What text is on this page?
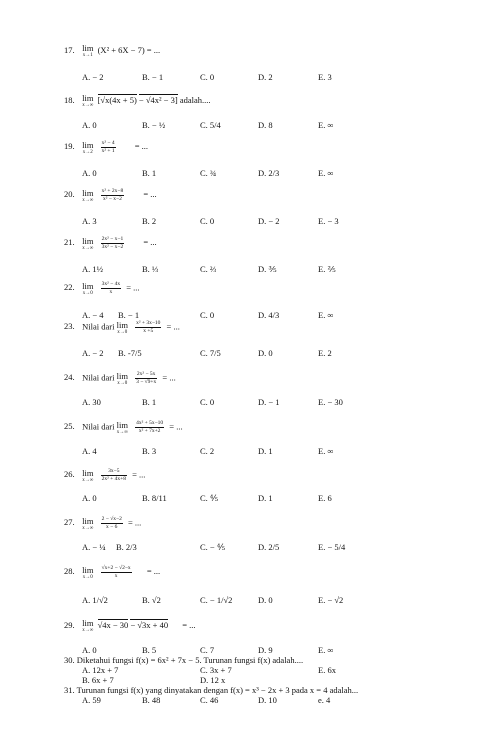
17. lim
x→1
(X² + 6X − 7) = ...
A. − 2	B. − 1	C. 0	D. 2	E. 3
18. lim
x→∞
[√x(4x + 5) − √4x² − 3] adalah....
A. 0	B. − ½	C. 5/4	D. 8	E. ∞
19. lim
x→2
$\frac{\text{x² − 4}}{\text{x² + 1}}$ = ...
A. 0	B. 1	C. ¾	D. 2/3	E. ∞
20. lim
x→∞
$\frac{\text{x² + 2x−8}}{\text{x² − x−2}}$ = ...
A. 3	B. 2	C. 0	D. − 2	E. − 3
21. lim
x→∞
$\frac{\text{2x² − x−1}}{\text{3x² − x−2}}$ = ...
A. 1½	B. ⅓	C. ⅔	D. ⅗	E. ⅖
22. lim
x→0
$\frac{\text{3x² − 4x}}{x}$ = ...
A. − 4 B. − 1	C. 0	D. 4/3	E. ∞
23. Nilai dari lim
x→0
$\frac{\text{x² + 3x−10}}{x +5}$ = ...
A. − 2 B. -7/5	C. 7/5	D. 0	E. 2
24. Nilai dari lim
x→0
$\frac{\text{2x² − 5x}}{3 - √9+x}$ = ...
A. 30	B. 1	C. 0	D. − 1	E. − 30
25. Nilai dari lim
x→∞
$\frac{\text{4x² + 5x−10}}{\text{x² + 7x+2}}$ = ...
A. 4	B. 3	C. 2	D. 1	E. ∞
26. lim
x→∞
$\frac{3x-5}{\text{2x² + 4x+8}}$ = ...
A. 0	B. 8/11	C. ⅘	D. 1	E. 6
27. lim
x→∞
$\frac{2 - √x-2}{x - 6}$ = ...
A. − ¼ B. 2/3	C. − ⅘	D. 2/5	E. − 5/4
28. lim
x→0
$\frac{√x+2 - √2-x}{x}$ = ...
A. 1/√2	B. √2	C. − 1/√2	D. 0	E. − √2
29. lim
x→∞
√4x − 30 − √3x + 40 = ...
A. 0	B. 5	C. 7	D. 9	E. ∞
30. Diketahui fungsi f(x) = 6x² + 7x − 5. Turunan fungsi f(x) adalah....
A. 12x + 7	C. 3x + 7	E. 6x
B. 6x + 7	D. 12 x
31. Turunan fungsi f(x) yang dinyatakan dengan f(x) = x³ − 2x + 3 pada x = 4 adalah...
A. 59	B. 48	C. 46	D. 10	e. 4
